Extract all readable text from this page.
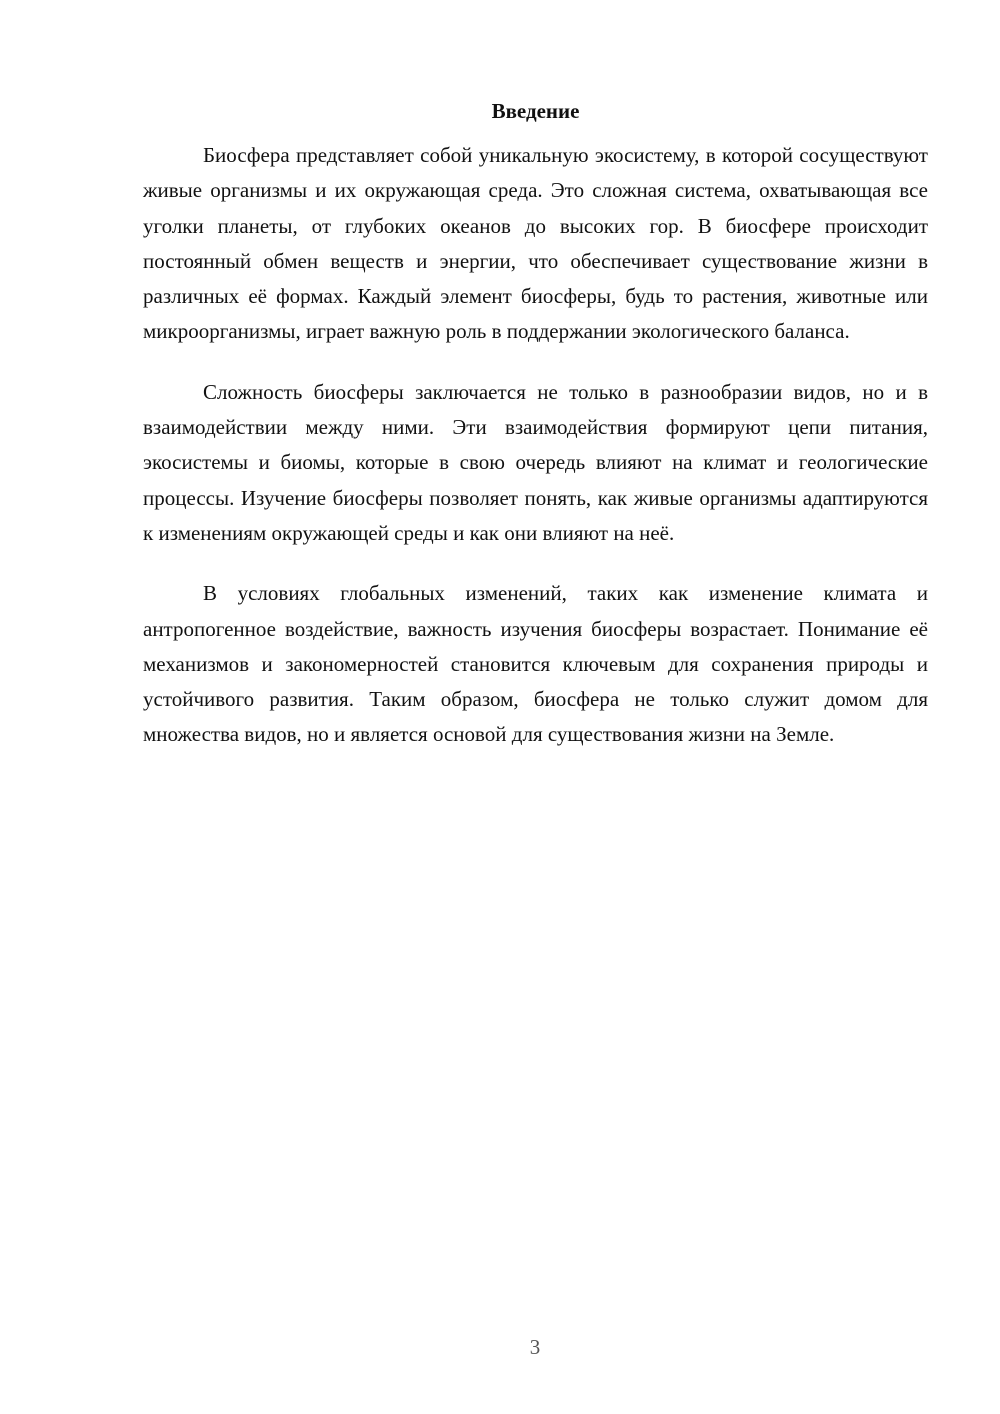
Введение

Биосфера представляет собой уникальную экосистему, в которой сосуществуют живые организмы и их окружающая среда. Это сложная система, охватывающая все уголки планеты, от глубоких океанов до высоких гор. В биосфере происходит постоянный обмен веществ и энергии, что обеспечивает существование жизни в различных её формах. Каждый элемент биосферы, будь то растения, животные или микроорганизмы, играет важную роль в поддержании экологического баланса.

Сложность биосферы заключается не только в разнообразии видов, но и в взаимодействии между ними. Эти взаимодействия формируют цепи питания, экосистемы и биомы, которые в свою очередь влияют на климат и геологические процессы. Изучение биосферы позволяет понять, как живые организмы адаптируются к изменениям окружающей среды и как они влияют на неё.

В условиях глобальных изменений, таких как изменение климата и антропогенное воздействие, важность изучения биосферы возрастает. Понимание её механизмов и закономерностей становится ключевым для сохранения природы и устойчивого развития. Таким образом, биосфера не только служит домом для множества видов, но и является основой для существования жизни на Земле.

3
